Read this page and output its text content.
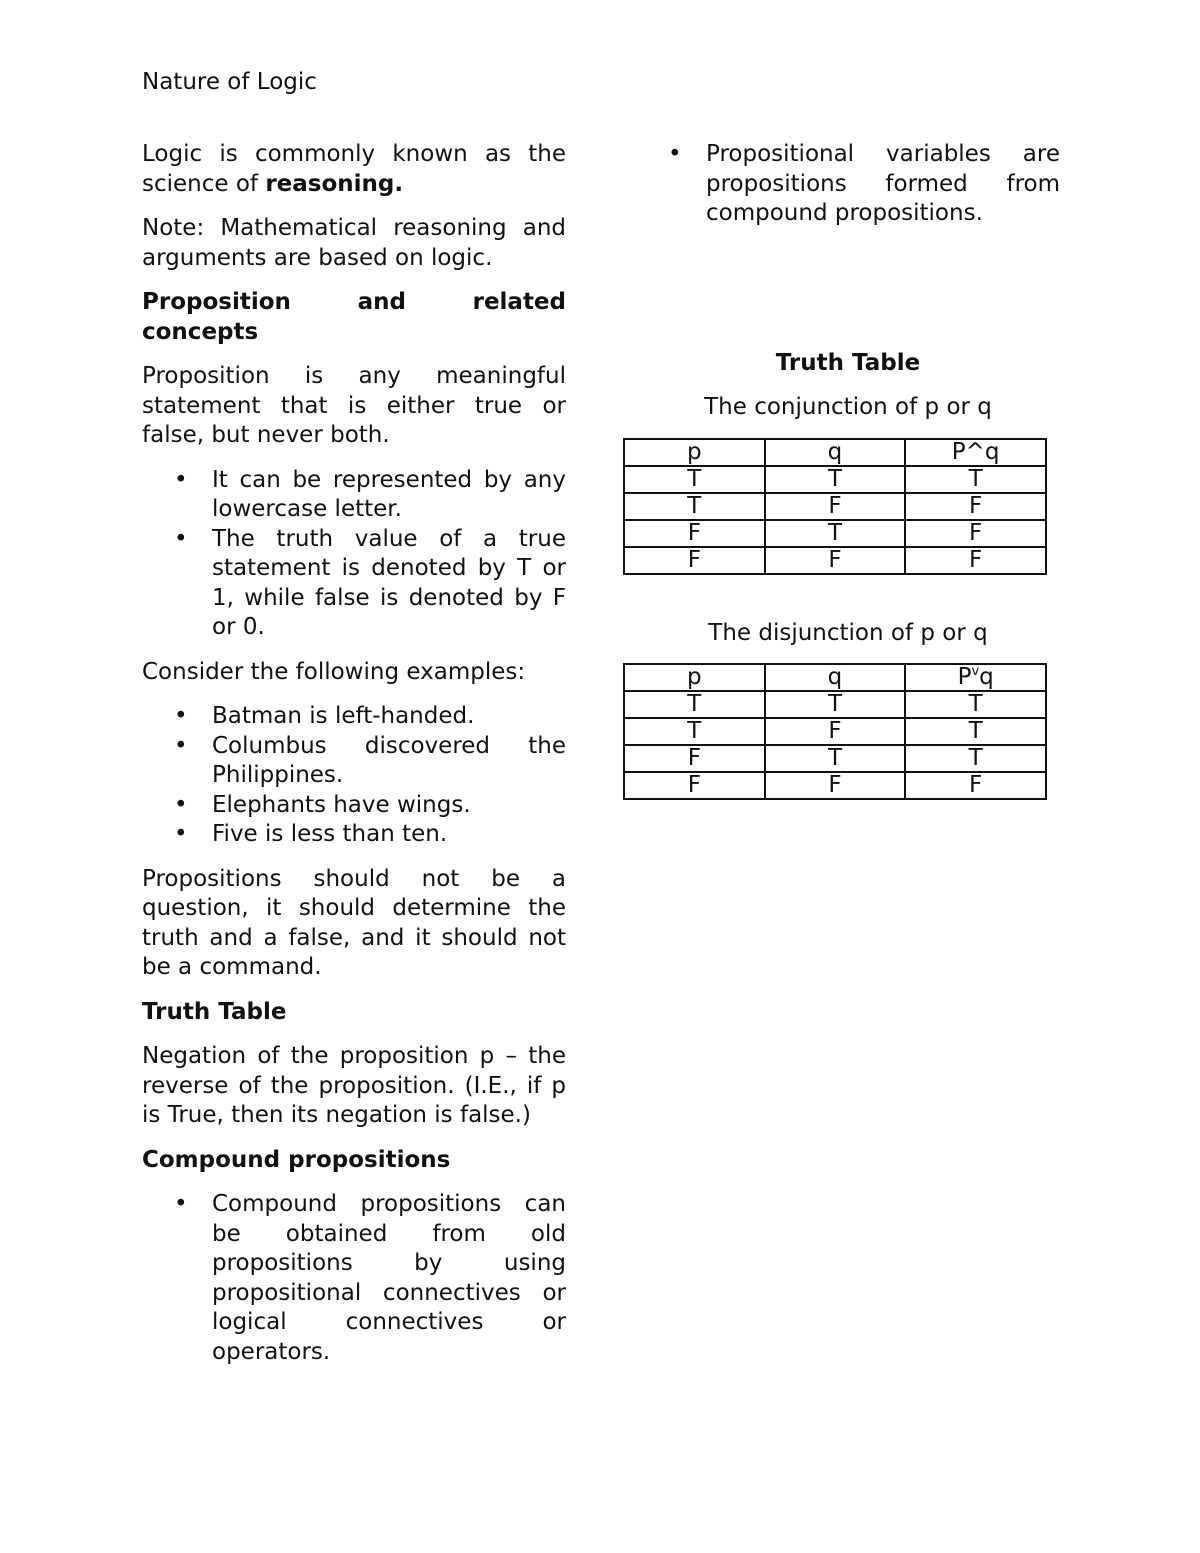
Nature of Logic

Logic is commonly known as the science of reasoning.

Note: Mathematical reasoning and arguments are based on logic.

Proposition and related concepts

Proposition is any meaningful statement that is either true or false, but never both.

• It can be represented by any lowercase letter.
• The truth value of a true statement is denoted by T or 1, while false is denoted by F or 0.

Consider the following examples:

• Batman is left-handed.
• Columbus discovered the Philippines.
• Elephants have wings.
• Five is less than ten.

Propositions should not be a question, it should determine the truth and a false, and it should not be a command.

Truth Table

Negation of the proposition p – the reverse of the proposition. (I.E., if p is True, then its negation is false.)

Compound propositions
• Compound propositions can be obtained from old propositions by using propositional connectives or logical connectives or operators.
• Propositional variables are propositions formed from compound propositions.
Truth Table
The conjunction of p or q
p	q	P^q
T	T	T
T	F	F
F	T	F
F	F	F
The disjunction of p or q
p	q	$P^vq$
T	T	T
T	F	T
F	T	T
F	F	F
